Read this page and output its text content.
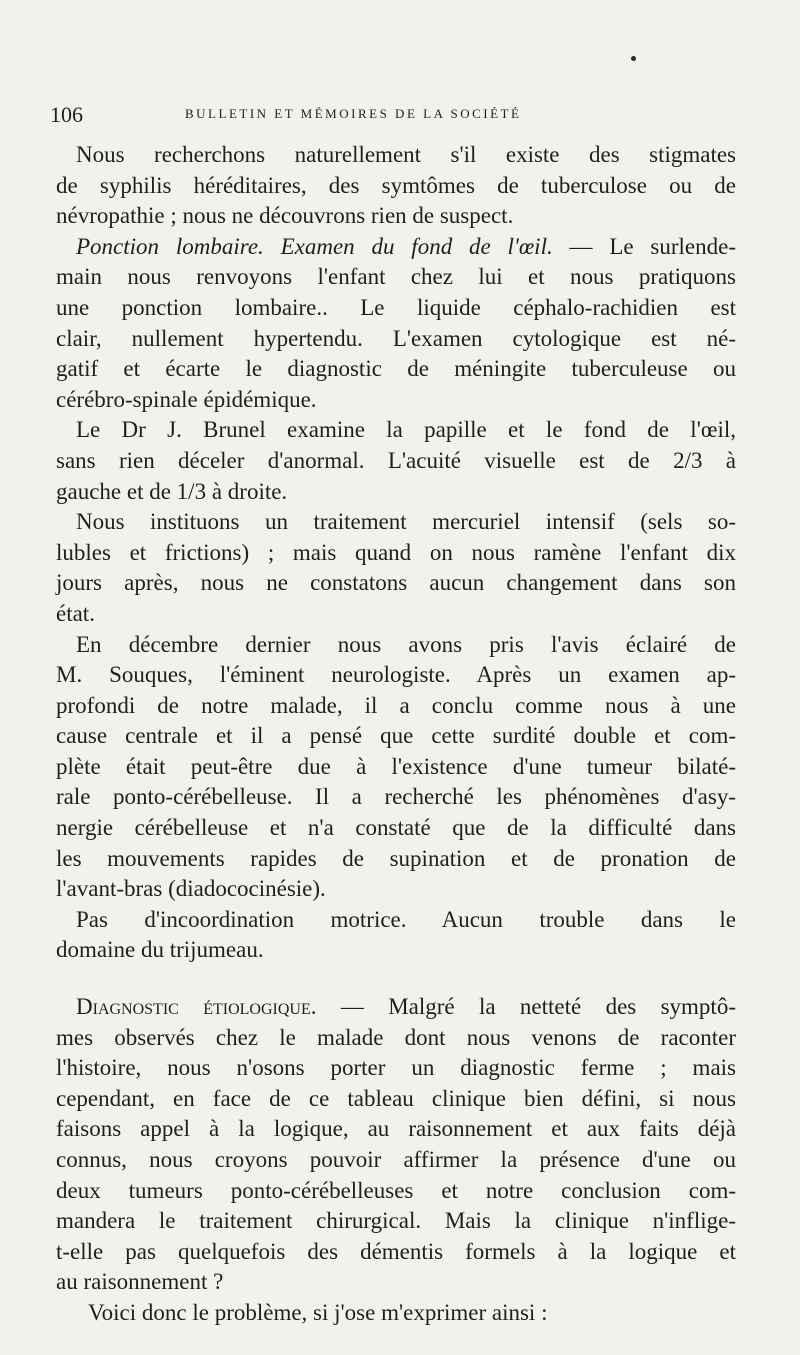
106	BULLETIN ET MÉMOIRES DE LA SOCIÉTÉ
Nous recherchons naturellement s'il existe des stigmates
de syphilis héréditaires, des symtômes de tuberculose ou de
névropathie ; nous ne découvrons rien de suspect.
Ponction lombaire. Examen du fond de l'œil. — Le surlende-
main nous renvoyons l'enfant chez lui et nous pratiquons
une ponction lombaire.. Le liquide céphalo-rachidien est
clair, nullement hypertendu. L'examen cytologique est né-
gatif et écarte le diagnostic de méningite tuberculeuse ou
cérébro-spinale épidémique.
Le Dr J. Brunel examine la papille et le fond de l'œil,
sans rien déceler d'anormal. L'acuité visuelle est de 2/3 à
gauche et de 1/3 à droite.
Nous instituons un traitement mercuriel intensif (sels so-
lubles et frictions) ; mais quand on nous ramène l'enfant dix
jours après, nous ne constatons aucun changement dans son
état.
En décembre dernier nous avons pris l'avis éclairé de
M. Souques, l'éminent neurologiste. Après un examen ap-
profondi de notre malade, il a conclu comme nous à une
cause centrale et il a pensé que cette surdité double et com-
plète était peut-être due à l'existence d'une tumeur bilaté-
rale ponto-cérébelleuse. Il a recherché les phénomènes d'asy-
nergie cérébelleuse et n'a constaté que de la difficulté dans
les mouvements rapides de supination et de pronation de
l'avant-bras (diadococinésie).
Pas d'incoordination motrice. Aucun trouble dans le
domaine du trijumeau.
Diagnostic étiologique. — Malgré la netteté des symptô-
mes observés chez le malade dont nous venons de raconter
l'histoire, nous n'osons porter un diagnostic ferme ; mais
cependant, en face de ce tableau clinique bien défini, si nous
faisons appel à la logique, au raisonnement et aux faits déjà
connus, nous croyons pouvoir affirmer la présence d'une ou
deux tumeurs ponto-cérébelleuses et notre conclusion com-
mandera le traitement chirurgical. Mais la clinique n'inflige-
t-elle pas quelquefois des démentis formels à la logique et
au raisonnement ?
Voici donc le problème, si j'ose m'exprimer ainsi :
